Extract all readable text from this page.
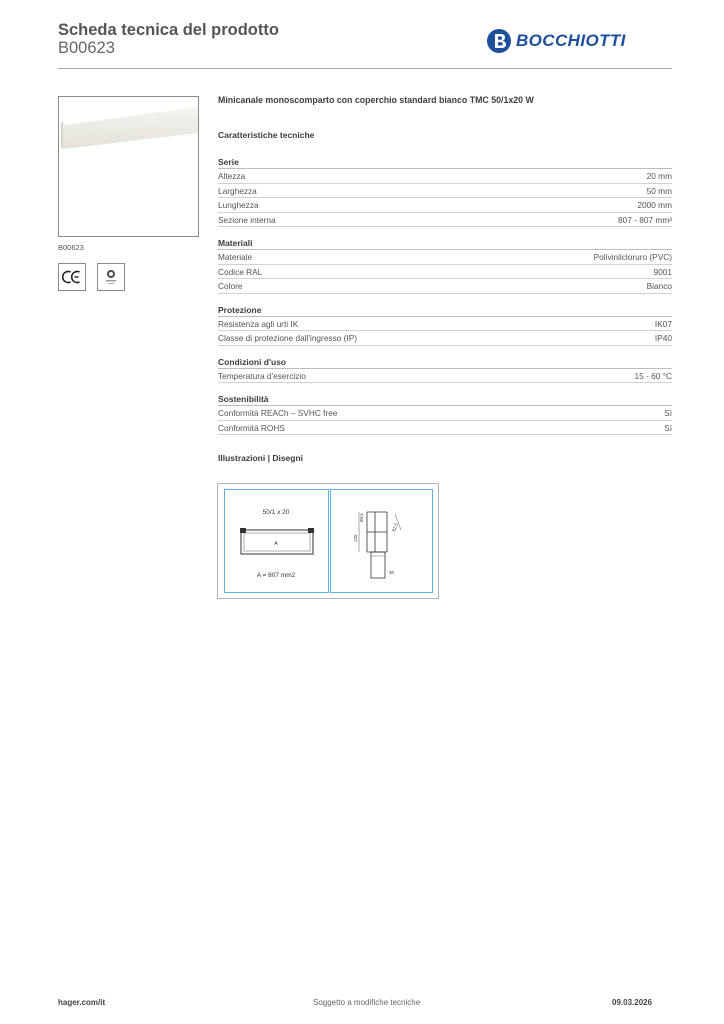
Scheda tecnica del prodotto
B00623	BOCCHIOTTI
B00623
Minicanale monoscomparto con coperchio standard bianco TMC 50/1x20 W
Caratteristiche tecniche
Serie
Altezza	20 mm
Larghezza	50 mm
Lunghezza	2000 mm
Sezione interna	807 - 807 mm²
Materiali
Materiale	Polivinilcloruro (PVC)
Codice RAL	9001
Colore	Bianco
Protezione
Resistenza agli urti IK	IK07
Classe di protezione dall'ingresso (IP)	IP40
Condizioni d'uso
Temperatura d'esercizio	15 - 60 °C
Sostenibilità
Conformità REACh – SVHC free	Sì
Conformità ROHS	Sì
Illustrazioni | Disegni
50/1 x 20
A
A = 807 mm2
60,5
125
82,5
30
hager.com/it	Soggetto a modifiche tecniche	09.03.2026
